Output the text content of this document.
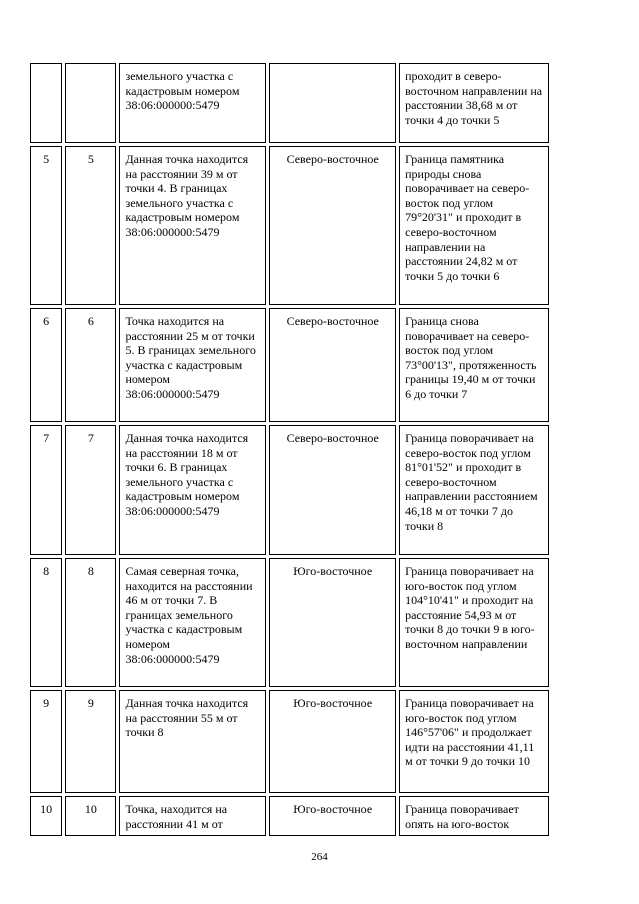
		земельного участка с кадастровым номером 38:06:000000:5479		проходит в северо-восточном направлении на расстоянии 38,68 м от точки 4 до точки 5
5	5	Данная точка находится на расстоянии 39 м от точки 4. В границах земельного участка с кадастровым номером 38:06:000000:5479	Северо-восточное	Граница памятника природы снова поворачивает на северо-восток под углом 79°20'31" и проходит в северо-восточном направлении на расстоянии 24,82 м от точки 5 до точки 6
6	6	Точка находится на расстоянии 25 м от точки 5. В границах земельного участка с кадастровым номером 38:06:000000:5479	Северо-восточное	Граница снова поворачивает на северо-восток под углом 73°00'13", протяженность границы 19,40 м от точки 6 до точки 7
7	7	Данная точка находится на расстоянии 18 м от точки 6. В границах земельного участка с кадастровым номером 38:06:000000:5479	Северо-восточное	Граница поворачивает на северо-восток под углом 81°01'52" и проходит в северо-восточном направлении расстоянием 46,18 м от точки 7 до точки 8
8	8	Самая северная точка, находится на расстоянии 46 м от точки 7. В границах земельного участка с кадастровым номером 38:06:000000:5479	Юго-восточное	Граница поворачивает на юго-восток под углом 104°10'41" и проходит на расстояние 54,93 м от точки 8 до точки 9 в юго-восточном направлении
9	9	Данная точка находится на расстоянии 55 м от точки 8	Юго-восточное	Граница поворачивает на юго-восток под углом 146°57'06" и продолжает идти на расстоянии 41,11 м от точки 9 до точки 10
10	10	Точка, находится на расстоянии 41 м от	Юго-восточное	Граница поворачивает опять на юго-восток
264
